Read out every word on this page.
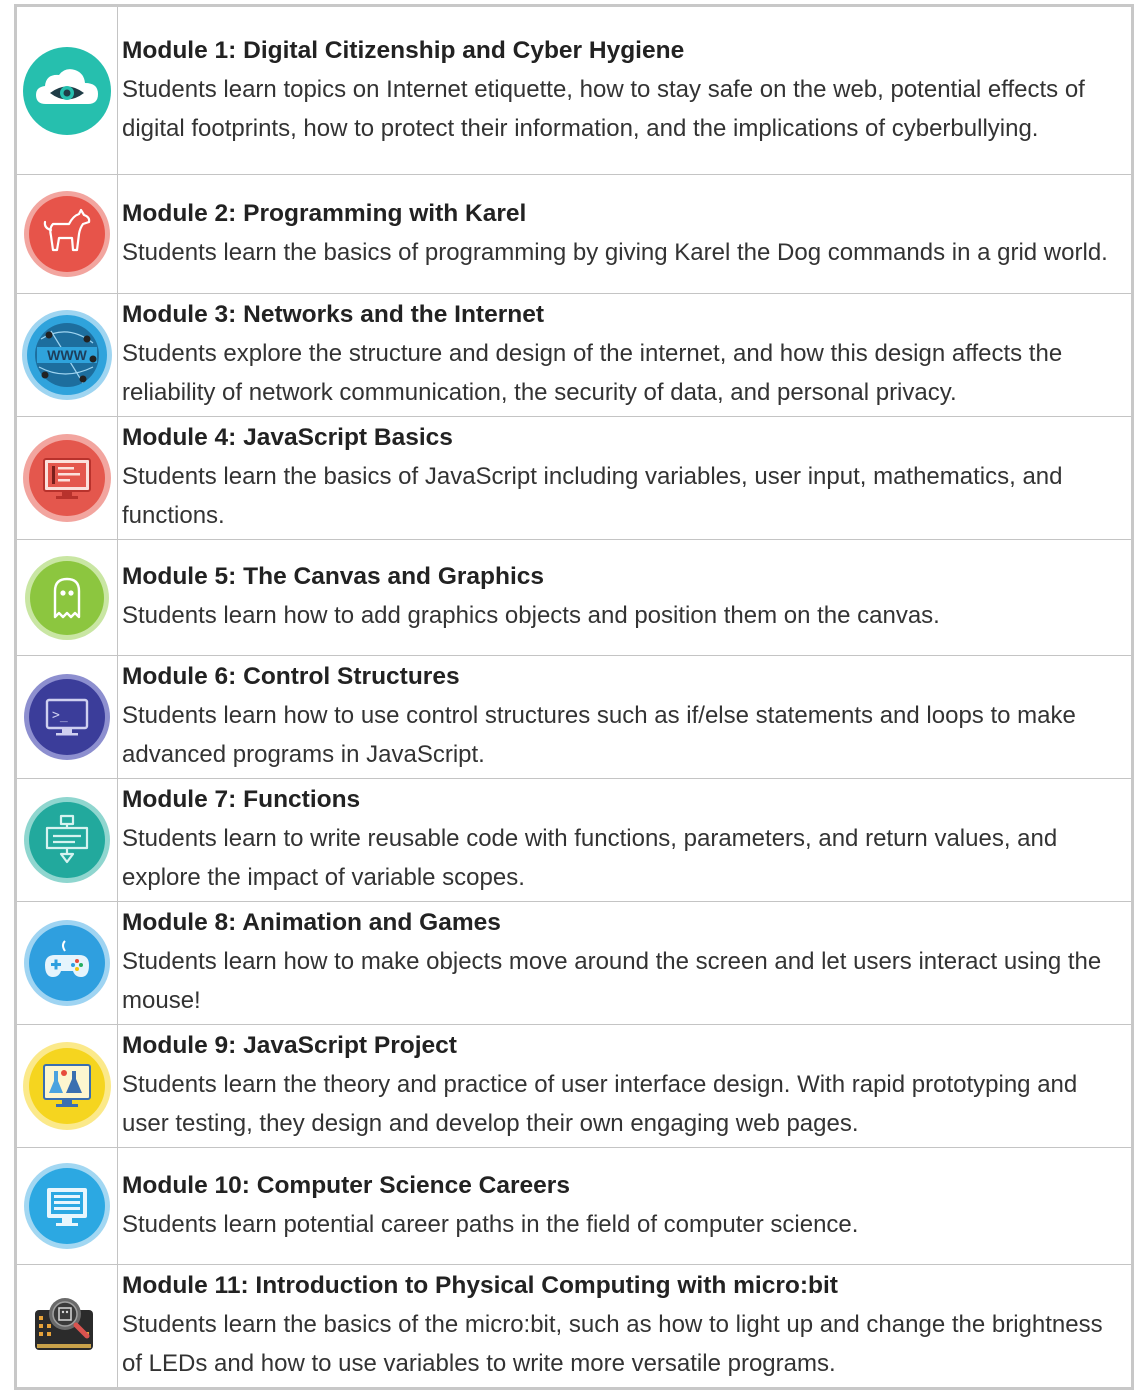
Module 1: Digital Citizenship and Cyber Hygiene
Students learn topics on Internet etiquette, how to stay safe on the web, potential effects of digital footprints, how to protect their information, and the implications of cyberbullying.

Module 2: Programming with Karel
Students learn the basics of programming by giving Karel the Dog commands in a grid world.

WWW	Module 3: Networks and the Internet
Students explore the structure and design of the internet, and how this design affects the reliability of network communication, the security of data, and personal privacy.

Module 4: JavaScript Basics
Students learn the basics of JavaScript including variables, user input, mathematics, and functions.

Module 5: The Canvas and Graphics
Students learn how to add graphics objects and position them on the canvas.

>_	Module 6: Control Structures
Students learn how to use control structures such as if/else statements and loops to make advanced programs in JavaScript.

Module 7: Functions
Students learn to write reusable code with functions, parameters, and return values, and explore the impact of variable scopes.

Module 8: Animation and Games
Students learn how to make objects move around the screen and let users interact using the mouse!

Module 9: JavaScript Project
Students learn the theory and practice of user interface design. With rapid prototyping and user testing, they design and develop their own engaging web pages.

Module 10: Computer Science Careers
Students learn potential career paths in the field of computer science.

Module 11: Introduction to Physical Computing with micro:bit
Students learn the basics of the micro:bit, such as how to light up and change the brightness of LEDs and how to use variables to write more versatile programs.
